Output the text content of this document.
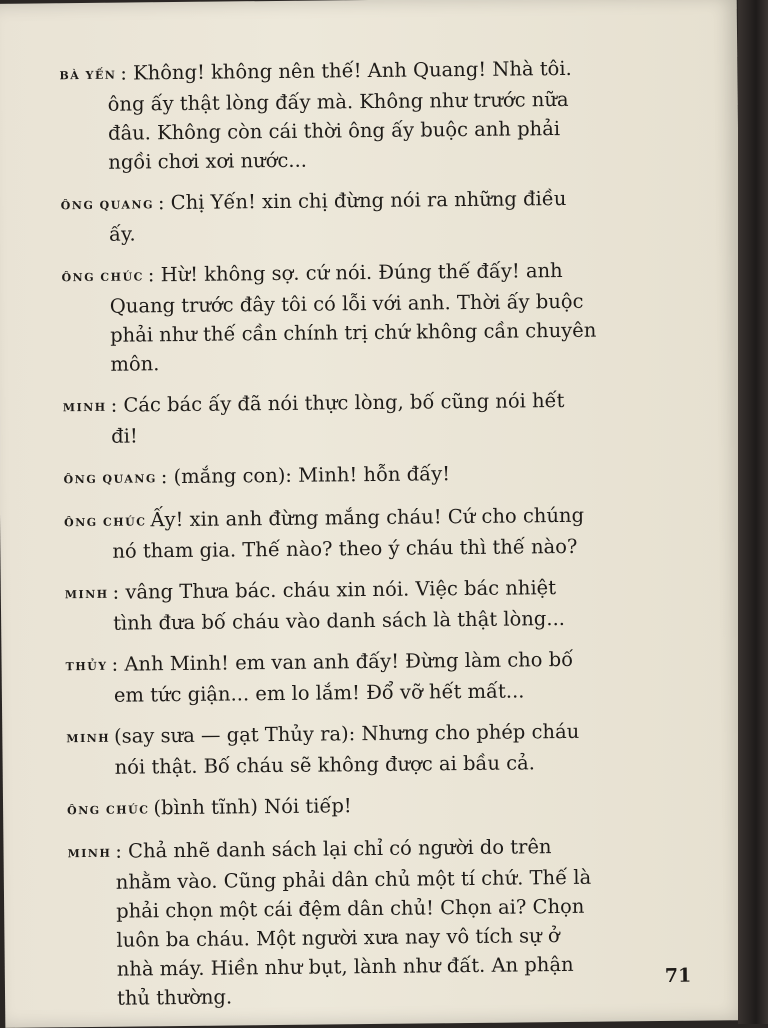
BÀ YẾN : Không! không nên thế! Anh Quang! Nhà tôi.
ông ấy thật lòng đấy mà. Không như trước nữa
đâu. Không còn cái thời ông ấy buộc anh phải
ngồi chơi xơi nước...
ÔNG QUANG : Chị Yến! xin chị đừng nói ra những điều
ấy.
ÔNG CHÚC : Hừ! không sợ. cứ nói. Đúng thế đấy! anh
Quang trước đây tôi có lỗi với anh. Thời ấy buộc
phải như thế cần chính trị chứ không cần chuyên
môn.
MINH : Các bác ấy đã nói thực lòng, bố cũng nói hết
đi!
ÔNG QUANG : (mắng con): Minh! hỗn đấy!
ÔNG CHÚC Ấy! xin anh đừng mắng cháu! Cứ cho chúng
nó tham gia. Thế nào? theo ý cháu thì thế nào?
MINH : vâng Thưa bác. cháu xin nói. Việc bác nhiệt
tình đưa bố cháu vào danh sách là thật lòng...
THỦY : Anh Minh! em van anh đấy! Đừng làm cho bố
em tức giận... em lo lắm! Đổ vỡ hết mất...
MINH (say sưa — gạt Thủy ra): Nhưng cho phép cháu
nói thật. Bố cháu sẽ không được ai bầu cả.
ÔNG CHÚC (bình tĩnh) Nói tiếp!
MINH : Chả nhẽ danh sách lại chỉ có người do trên
nhằm vào. Cũng phải dân chủ một tí chứ. Thế là
phải chọn một cái đệm dân chủ! Chọn ai? Chọn
luôn ba cháu. Một người xưa nay vô tích sự ở
nhà máy. Hiền như bụt, lành như đất. An phận
thủ thường.
71
